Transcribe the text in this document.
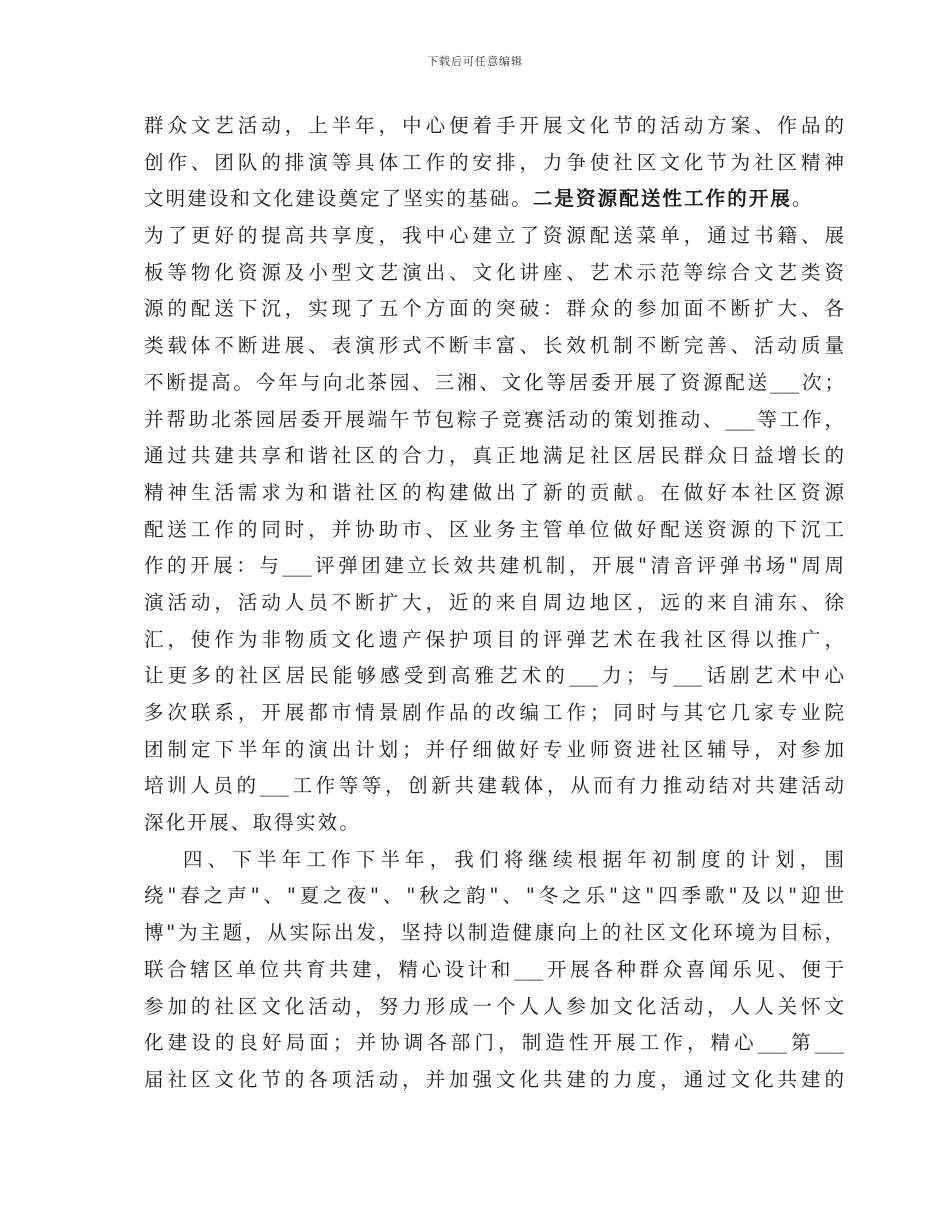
下载后可任意编辑
群众文艺活动，上半年，中心便着手开展文化节的活动方案、作品的
创作、团队的排演等具体工作的安排，力争使社区文化节为社区精神
文明建设和文化建设奠定了坚实的基础。二是资源配送性工作的开展。
为了更好的提高共享度，我中心建立了资源配送菜单，通过书籍、展
板等物化资源及小型文艺演出、文化讲座、艺术示范等综合文艺类资
源的配送下沉，实现了五个方面的突破：群众的参加面不断扩大、各
类载体不断进展、表演形式不断丰富、长效机制不断完善、活动质量
不断提高。今年与向北茶园、三湘、文化等居委开展了资源配送___次；
并帮助北茶园居委开展端午节包粽子竞赛活动的策划推动、___等工作，
通过共建共享和谐社区的合力，真正地满足社区居民群众日益增长的
精神生活需求为和谐社区的构建做出了新的贡献。在做好本社区资源
配送工作的同时，并协助市、区业务主管单位做好配送资源的下沉工
作的开展：与___评弹团建立长效共建机制，开展"清音评弹书场"周周
演活动，活动人员不断扩大，近的来自周边地区，远的来自浦东、徐
汇，使作为非物质文化遗产保护项目的评弹艺术在我社区得以推广，
让更多的社区居民能够感受到高雅艺术的___力；与___话剧艺术中心
多次联系，开展都市情景剧作品的改编工作；同时与其它几家专业院
团制定下半年的演出计划；并仔细做好专业师资进社区辅导，对参加
培训人员的___工作等等，创新共建载体，从而有力推动结对共建活动
深化开展、取得实效。
四、下半年工作下半年，我们将继续根据年初制度的计划，围
绕"春之声"、"夏之夜"、"秋之韵"、"冬之乐"这"四季歌"及以"迎世
博"为主题，从实际出发，坚持以制造健康向上的社区文化环境为目标，
联合辖区单位共育共建，精心设计和___开展各种群众喜闻乐见、便于
参加的社区文化活动，努力形成一个人人参加文化活动，人人关怀文
化建设的良好局面；并协调各部门，制造性开展工作，精心___第___
届社区文化节的各项活动，并加强文化共建的力度，通过文化共建的
